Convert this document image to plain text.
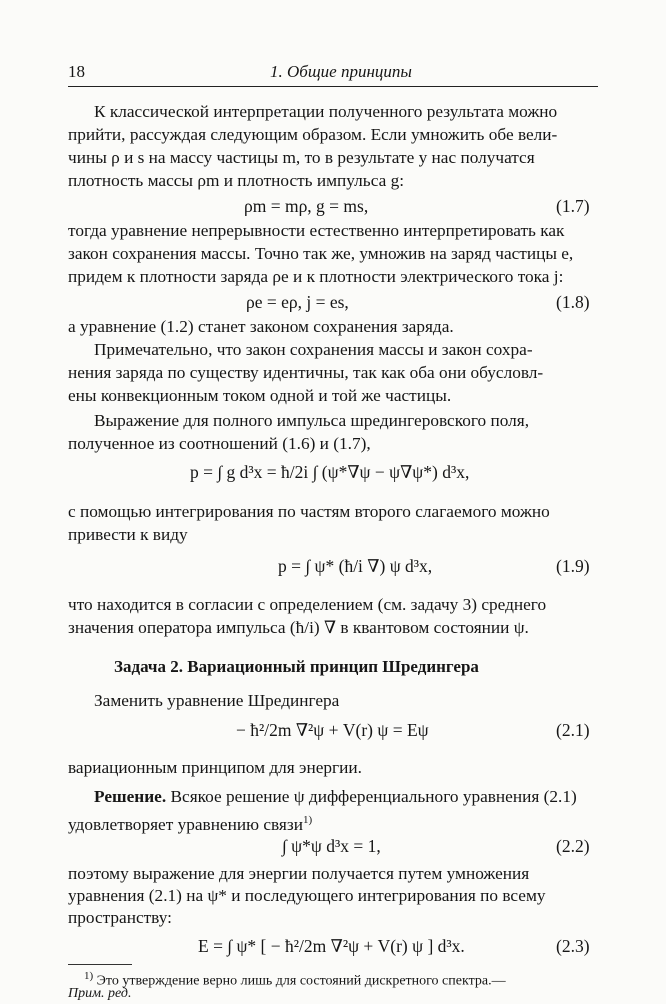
18	1. Общие принципы
К классической интерпретации полученного результата можно
прийти, рассуждая следующим образом. Если умножить обе вели-
чины ρ и s на массу частицы m, то в результате у нас получатся
плотность массы ρm и плотность импульса g:
ρm = mρ, g = ms,	(1.7)
тогда уравнение непрерывности естественно интерпретировать как
закон сохранения массы. Точно так же, умножив на заряд частицы e,
придем к плотности заряда ρe и к плотности электрического тока j:
ρe = eρ, j = es,	(1.8)
а уравнение (1.2) станет законом сохранения заряда.
Примечательно, что закон сохранения массы и закон сохра-
нения заряда по существу идентичны, так как оба они обусловл-
ены конвекционным током одной и той же частицы.
Выражение для полного импульса шредингеровского поля,
полученное из соотношений (1.6) и (1.7),
p = ∫ g d³x = ħ/2i ∫ (ψ*∇ψ − ψ∇ψ*) d³x,
с помощью интегрирования по частям второго слагаемого можно
привести к виду
p = ∫ ψ* (ħ/i ∇) ψ d³x,	(1.9)
что находится в согласии с определением (см. задачу 3) среднего
значения оператора импульса (ħ/i) ∇ в квантовом состоянии ψ.
Задача 2. Вариационный принцип Шредингера
Заменить уравнение Шредингера
− ħ²/2m ∇²ψ + V(r) ψ = Eψ	(2.1)
вариационным принципом для энергии.
Решение. Всякое решение ψ дифференциального уравнения (2.1)
удовлетворяет уравнению связи$^{1)}$
∫ ψ*ψ d³x = 1,	(2.2)
поэтому выражение для энергии получается путем умножения
уравнения (2.1) на ψ* и последующего интегрирования по всему
пространству:
E = ∫ ψ* [ − ħ²/2m ∇²ψ + V(r) ψ ] d³x.	(2.3)
$^{1)}$ Это утверждение верно лишь для состояний дискретного спектра.—
Прим. ред.
